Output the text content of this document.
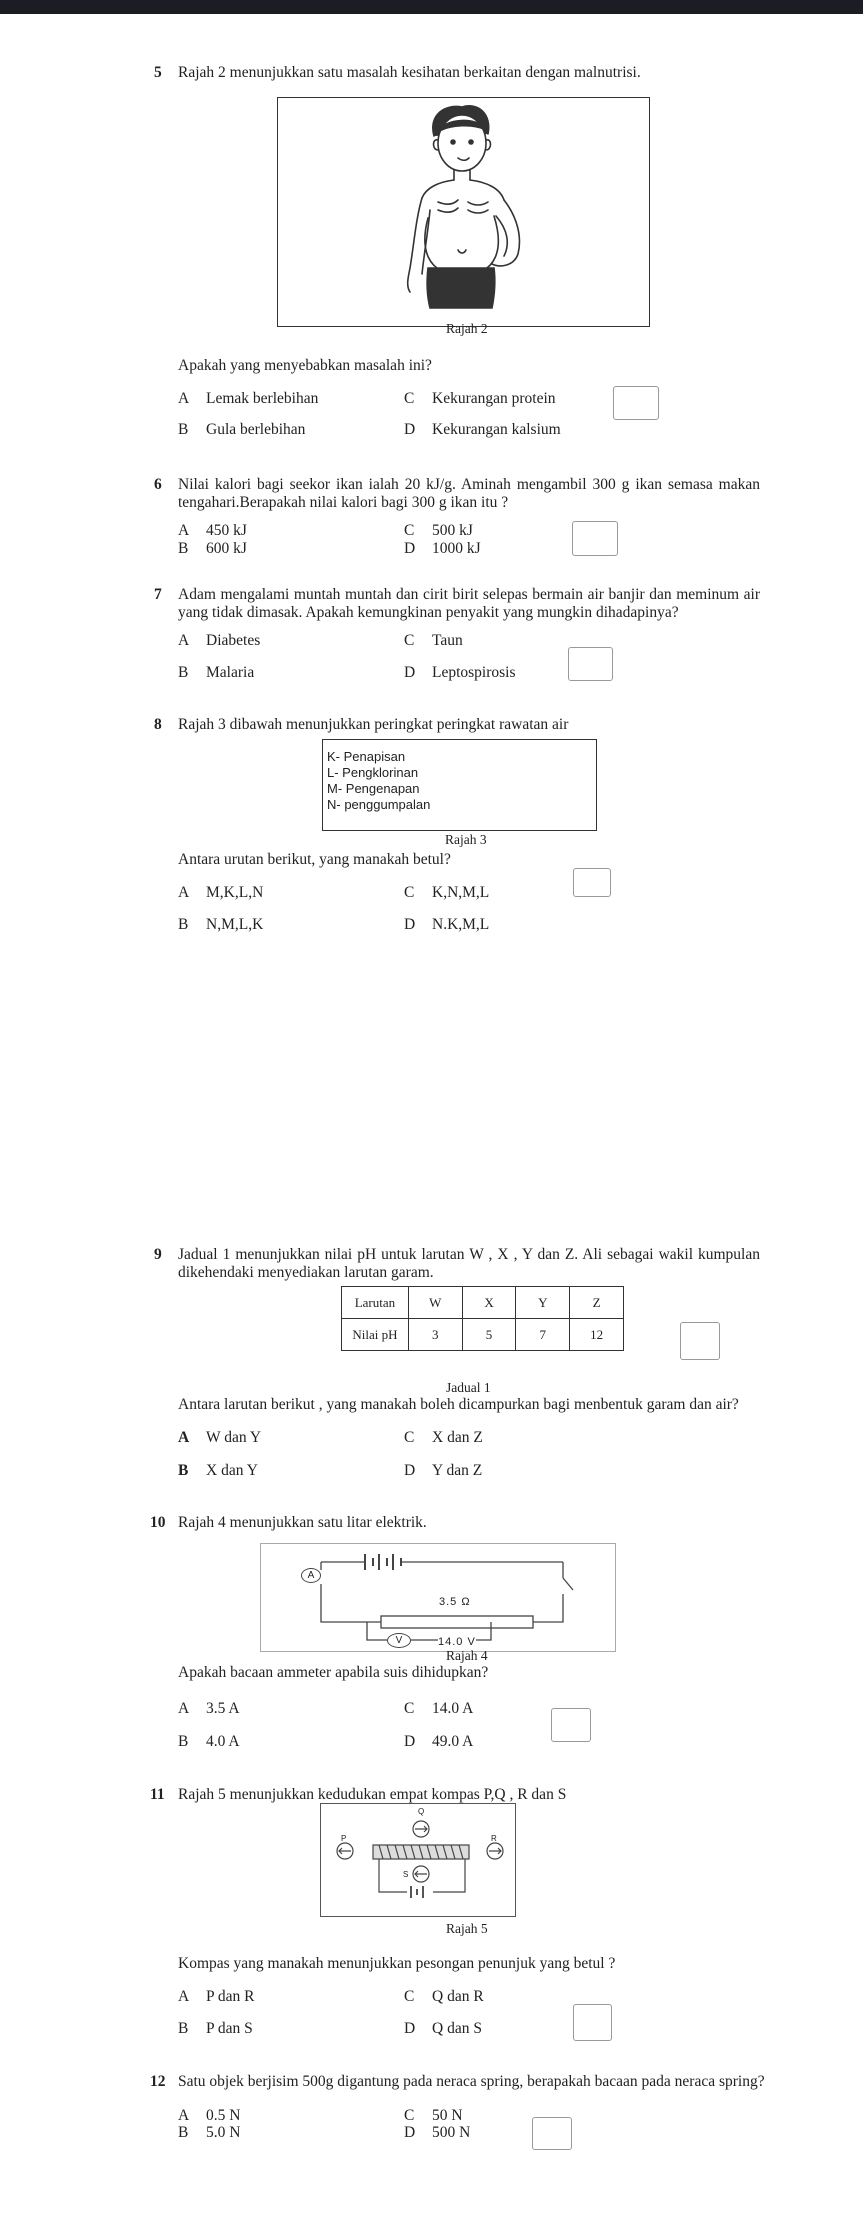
5 Rajah 2 menunjukkan satu masalah kesihatan berkaitan dengan malnutrisi.
Rajah 2
Apakah yang menyebabkan masalah ini?
A Lemak berlebihan	C Kekurangan protein
B Gula berlebihan	D Kekurangan kalsium
6 Nilai kalori bagi seekor ikan ialah 20 kJ/g. Aminah mengambil 300 g ikan semasa makan tengahari.Berapakah nilai kalori bagi 300 g ikan itu ?
A 450 kJ	C 500 kJ
B 600 kJ	D 1000 kJ
7 Adam mengalami muntah muntah dan cirit birit selepas bermain air banjir dan meminum air yang tidak dimasak. Apakah kemungkinan penyakit yang mungkin dihadapinya?
A Diabetes	C Taun
B Malaria	D Leptospirosis
8 Rajah 3 dibawah menunjukkan peringkat peringkat rawatan air
K- Penapisan
L- Pengklorinan
M- Pengenapan
N- penggumpalan
Rajah 3
Antara urutan berikut, yang manakah betul?
A M,K,L,N	C K,N,M,L
B N,M,L,K	D N.K,M,L
9 Jadual 1 menunjukkan nilai pH untuk larutan W , X , Y dan Z. Ali sebagai wakil kumpulan dikehendaki menyediakan larutan garam.
Larutan	W	X	Y	Z
Nilai pH	3	5	7	12
Jadual 1
Antara larutan berikut , yang manakah boleh dicampurkan bagi menbentuk garam dan air?
A W dan Y	C X dan Z
B X dan Y	D Y dan Z
10 Rajah 4 menunjukkan satu litar elektrik.
A
V
3.5 Ω
14.0 V
Rajah 4
Apakah bacaan ammeter apabila suis dihidupkan?
A 3.5 A	C 14.0 A
B 4.0 A	D 49.0 A
11 Rajah 5 menunjukkan kedudukan empat kompas P,Q , R dan S
Q
P	R
S
Rajah 5
Kompas yang manakah menunjukkan pesongan penunjuk yang betul ?
A P dan R	C Q dan R
B P dan S	D Q dan S
12 Satu objek berjisim 500g digantung pada neraca spring, berapakah bacaan pada neraca spring?
A 0.5 N	C 50 N
B 5.0 N	D 500 N
